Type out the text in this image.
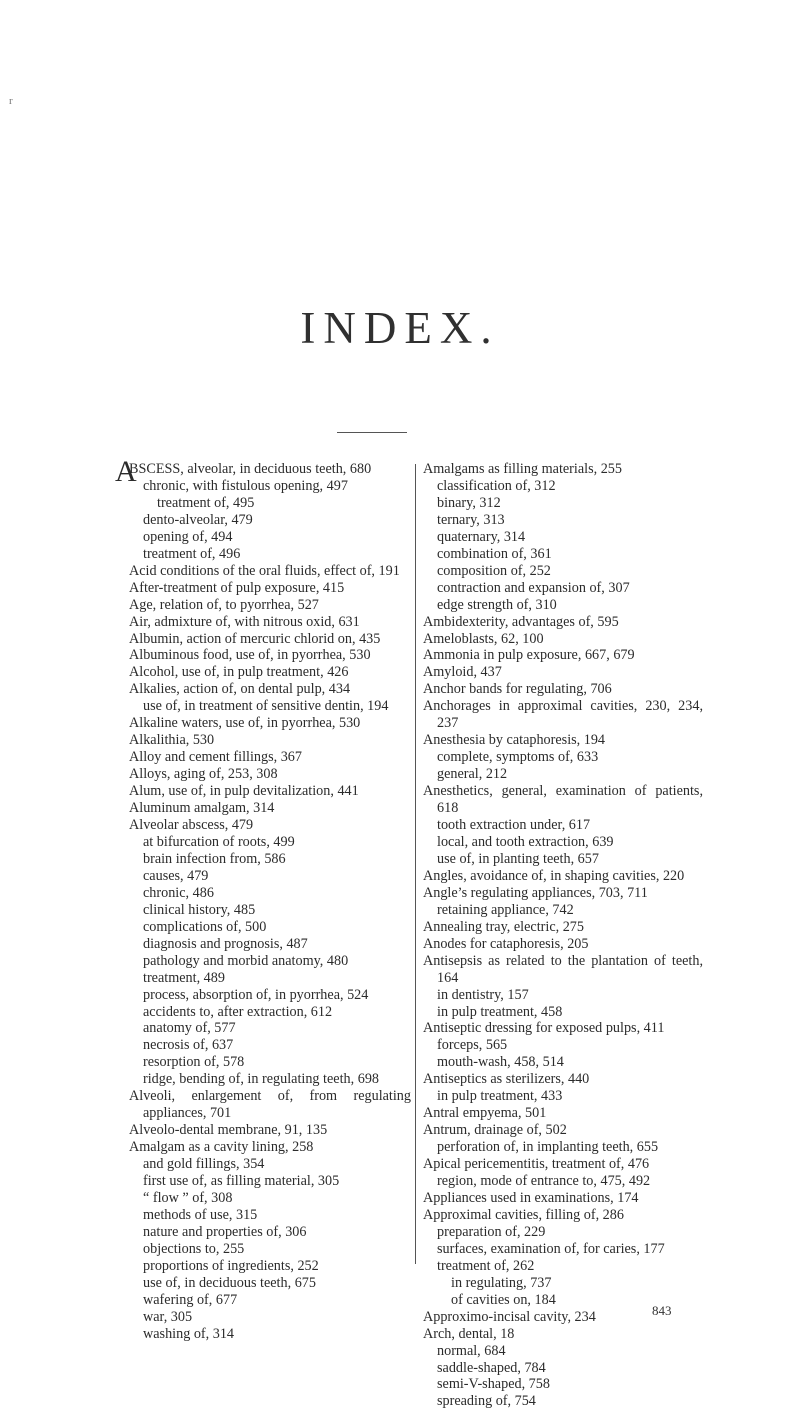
r
INDEX.

A
BSCESS, alveolar, in deciduous teeth, 680

chronic, with fistulous opening, 497

treatment of, 495

dento-alveolar, 479

opening of, 494

treatment of, 496

Acid conditions of the oral fluids, effect of, 191

After-treatment of pulp exposure, 415

Age, relation of, to pyorrhea, 527

Air, admixture of, with nitrous oxid, 631

Albumin, action of mercuric chlorid on, 435

Albuminous food, use of, in pyorrhea, 530

Alcohol, use of, in pulp treatment, 426

Alkalies, action of, on dental pulp, 434

use of, in treatment of sensitive dentin, 194

Alkaline waters, use of, in pyorrhea, 530

Alkalithia, 530

Alloy and cement fillings, 367

Alloys, aging of, 253, 308

Alum, use of, in pulp devitalization, 441

Aluminum amalgam, 314

Alveolar abscess, 479

at bifurcation of roots, 499

brain infection from, 586

causes, 479

chronic, 486

clinical history, 485

complications of, 500

diagnosis and prognosis, 487

pathology and morbid anatomy, 480

treatment, 489

process, absorption of, in pyorrhea, 524

accidents to, after extraction, 612

anatomy of, 577

necrosis of, 637

resorption of, 578

ridge, bending of, in regulating teeth, 698

Alveoli, enlargement of, from regulating appliances, 701

Alveolo-dental membrane, 91, 135

Amalgam as a cavity lining, 258

and gold fillings, 354

first use of, as filling material, 305

“ flow ” of, 308

methods of use, 315

nature and properties of, 306

objections to, 255

proportions of ingredients, 252

use of, in deciduous teeth, 675

wafering of, 677

war, 305

washing of, 314

Amalgams as filling materials, 255

classification of, 312

binary, 312

ternary, 313

quaternary, 314

combination of, 361

composition of, 252

contraction and expansion of, 307

edge strength of, 310

Ambidexterity, advantages of, 595

Ameloblasts, 62, 100

Ammonia in pulp exposure, 667, 679

Amyloid, 437

Anchor bands for regulating, 706

Anchorages in approximal cavities, 230, 234, 237

Anesthesia by cataphoresis, 194

complete, symptoms of, 633

general, 212

Anesthetics, general, examination of patients, 618

tooth extraction under, 617

local, and tooth extraction, 639

use of, in planting teeth, 657

Angles, avoidance of, in shaping cavities, 220

Angle’s regulating appliances, 703, 711

retaining appliance, 742

Annealing tray, electric, 275

Anodes for cataphoresis, 205

Antisepsis as related to the plantation of teeth, 164

in dentistry, 157

in pulp treatment, 458

Antiseptic dressing for exposed pulps, 411

forceps, 565

mouth-wash, 458, 514

Antiseptics as sterilizers, 440

in pulp treatment, 433

Antral empyema, 501

Antrum, drainage of, 502

perforation of, in implanting teeth, 655

Apical pericementitis, treatment of, 476

region, mode of entrance to, 475, 492

Appliances used in examinations, 174

Approximal cavities, filling of, 286

preparation of, 229

surfaces, examination of, for caries, 177

treatment of, 262

in regulating, 737

of cavities on, 184

Approximo-incisal cavity, 234

Arch, dental, 18

normal, 684

saddle-shaped, 784

semi-V-shaped, 758

spreading of, 754

843
